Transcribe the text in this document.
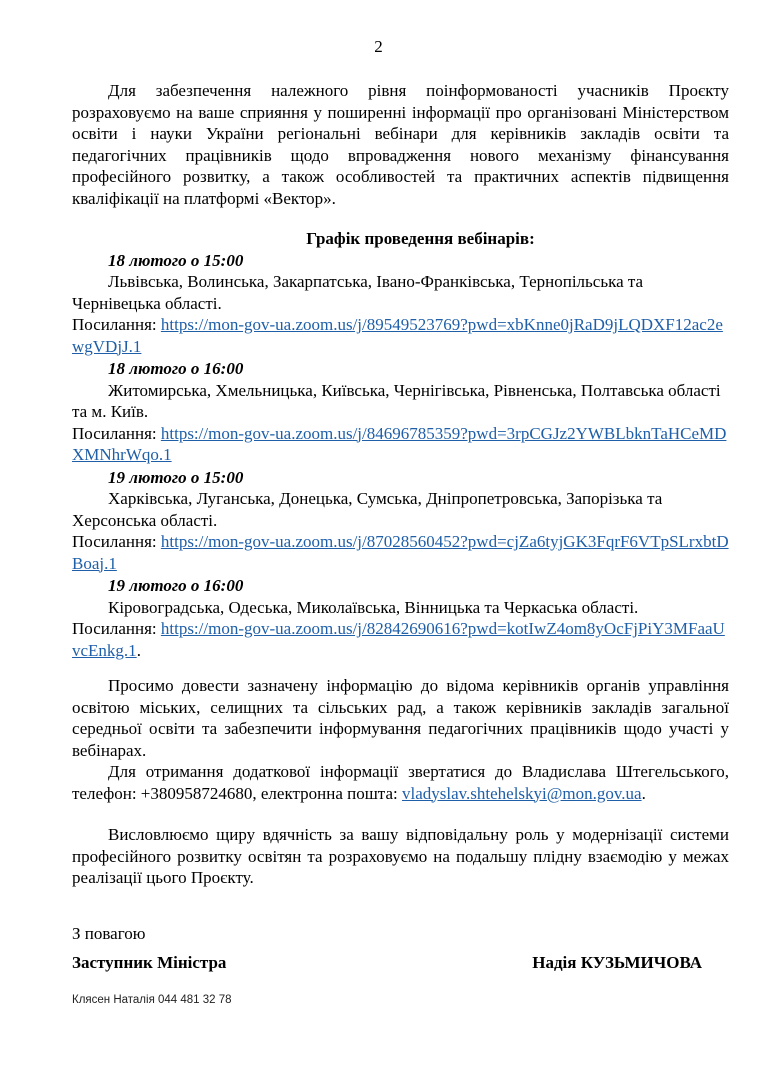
2

Для забезпечення належного рівня поінформованості учасників Проєкту розраховуємо на ваше сприяння у поширенні інформації про організовані Міністерством освіти і науки України регіональні вебінари для керівників закладів освіти та педагогічних працівників щодо впровадження нового механізму фінансування професійного розвитку, а також особливостей та практичних аспектів підвищення кваліфікації на платформі «Вектор».

Графік проведення вебінарів:

18 лютого о 15:00

Львівська, Волинська, Закарпатська, Івано-Франківська, Тернопільська та Чернівецька області.

Посилання: https://mon-gov-ua.zoom.us/j/89549523769?pwd=xbKnne0jRaD9jLQDXF12ac2ewgVDjJ.1

18 лютого о 16:00

Житомирська, Хмельницька, Київська, Чернігівська, Рівненська, Полтавська області та м. Київ.

Посилання: https://mon-gov-ua.zoom.us/j/84696785359?pwd=3rpCGJz2YWBLbknTaHCeMDXMNhrWqo.1

19 лютого о 15:00

Харківська, Луганська, Донецька, Сумська, Дніпропетровська, Запорізька та Херсонська області.

Посилання: https://mon-gov-ua.zoom.us/j/87028560452?pwd=cjZa6tyjGK3FqrF6VTpSLrxbtDBoaj.1

19 лютого о 16:00

Кіровоградська, Одеська, Миколаївська, Вінницька та Черкаська області.

Посилання: https://mon-gov-ua.zoom.us/j/82842690616?pwd=kotIwZ4om8yOcFjPiY3MFaaUvcEnkg.1.

Просимо довести зазначену інформацію до відома керівників органів управління освітою міських, селищних та сільських рад, а також керівників закладів загальної середньої освіти та забезпечити інформування педагогічних працівників щодо участі у вебінарах.

Для отримання додаткової інформації звертатися до Владислава Штегельського, телефон: +380958724680, електронна пошта: vladyslav.shtehelskyi@mon.gov.ua.

Висловлюємо щиру вдячність за вашу відповідальну роль у модернізації системи професійного розвитку освітян та розраховуємо на подальшу плідну взаємодію у межах реалізації цього Проєкту.

З повагою

Заступник Міністра	Надія КУЗЬМИЧОВА
Клясен Наталія 044 481 32 78
